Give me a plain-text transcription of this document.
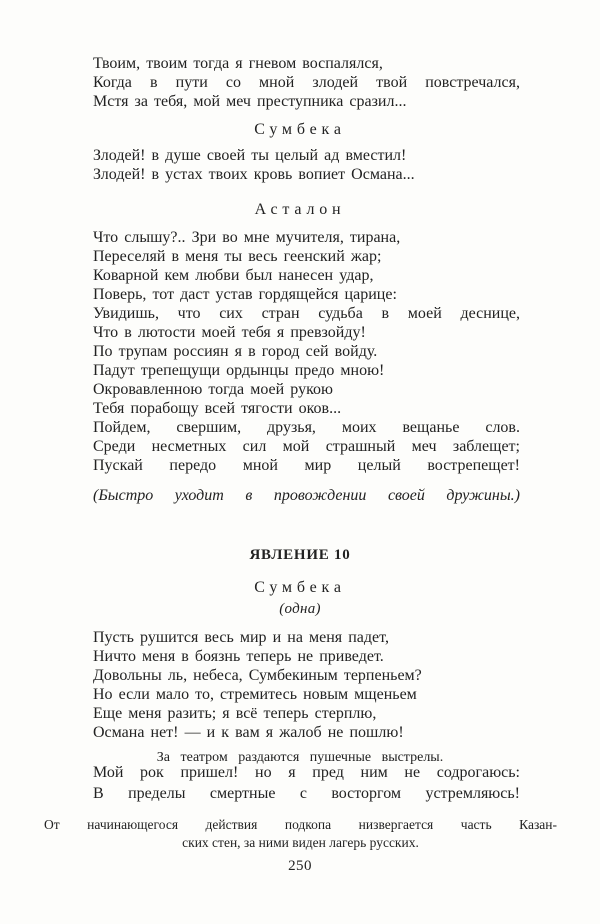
Твоим, твоим тогда я гневом воспалялся,
Когда в пути со мной злодей твой повстречался,
Мстя за тебя, мой меч преступника сразил...
Сумбека
Злодей! в душе своей ты целый ад вместил!
Злодей! в устах твоих кровь вопиет Османа...
Асталон
Что слышу?.. Зри во мне мучителя, тирана,
Переселяй в меня ты весь геенский жар;
Коварной кем любви был нанесен удар,
Поверь, тот даст устав гордящейся царице:
Увидишь, что сих стран судьба в моей деснице,
Что в лютости моей тебя я превзойду!
По трупам россиян я в город сей войду.
Падут трепещущи ордынцы предо мною!
Окровавленною тогда моей рукою
Тебя порабощу всей тягости оков...
Пойдем, свершим, друзья, моих вещанье слов.
Среди несметных сил мой страшный меч заблещет;
Пускай передо мной мир целый вострепещет!
(Быстро уходит в провождении своей дружины.)
ЯВЛЕНИЕ 10
Сумбека
(одна)
Пусть рушится весь мир и на меня падет,
Ничто меня в боязнь теперь не приведет.
Довольны ль, небеса, Сумбекиным терпеньем?
Но если мало то, стремитесь новым мщеньем
Еще меня разить; я всё теперь стерплю,
Османа нет! — и к вам я жалоб не пошлю!
За театром раздаются пушечные выстрелы.
Мой рок пришел! но я пред ним не содрогаюсь:
В пределы смертные с восторгом устремляюсь!
От начинающегося действия подкопа низвергается часть Казан-
ских стен, за ними виден лагерь русских.
250
